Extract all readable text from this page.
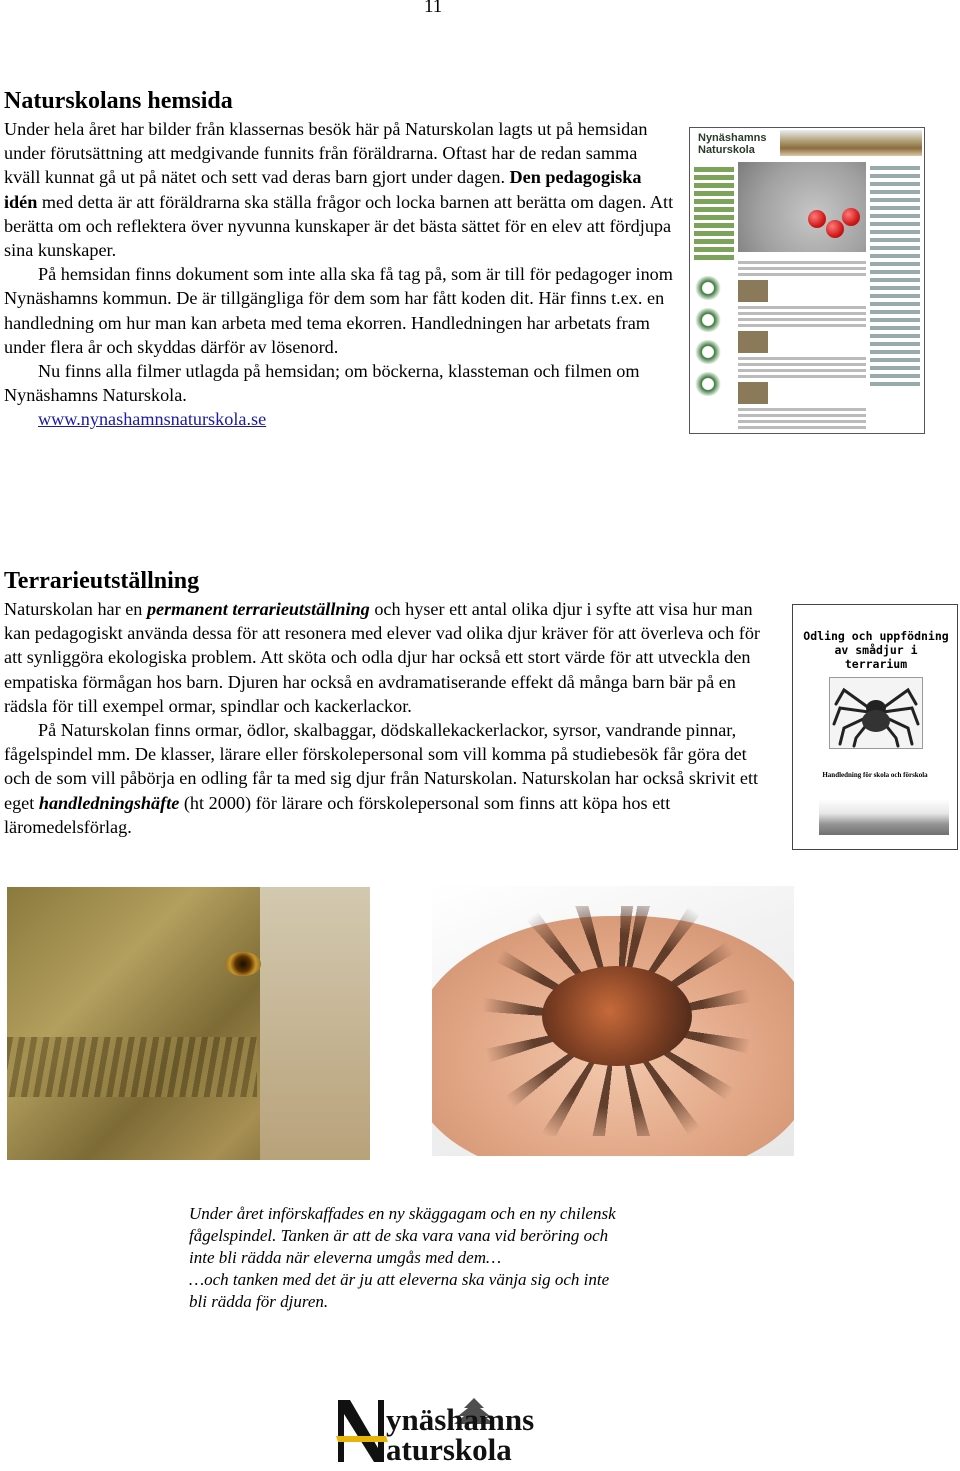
11
Naturskolans hemsida

Under hela året har bilder från klassernas besök här på Naturskolan lagts ut på hemsidan under förutsättning att medgivande funnits från föräldrarna. Oftast har de redan samma kväll kunnat gå ut på nätet och sett vad deras barn gjort under dagen. Den pedagogiska idén med detta är att föräldrarna ska ställa frågor och locka barnen att berätta om dagen. Att berätta om och reflektera över nyvunna kunskaper är det bästa sättet för en elev att fördjupa sina kunskaper.

På hemsidan finns dokument som inte alla ska få tag på, som är till för pedagoger inom Nynäshamns kommun. De är tillgängliga för dem som har fått koden dit. Här finns t.ex. en handledning om hur man kan arbeta med tema ekorren. Handledningen har arbetats fram under flera år och skyddas därför av lösenord.

Nu finns alla filmer utlagda på hemsidan; om böckerna, klassteman och filmen om Nynäshamns Naturskola.

www.nynashamnsnaturskola.se

Nynäshamns
Naturskola
Terrarieutställning

Naturskolan har en permanent terrarieutställning och hyser ett antal olika djur i syfte att visa hur man kan pedagogiskt använda dessa för att resonera med elever vad olika djur kräver för att överleva och för att synliggöra ekologiska problem. Att sköta och odla djur har också ett stort värde för att utveckla den empatiska förmågan hos barn. Djuren har också en avdramatiserande effekt då många barn bär på en rädsla för till exempel ormar, spindlar och kackerlackor.

På Naturskolan finns ormar, ödlor, skalbaggar, dödskallekackerlackor, syrsor, vandrande pinnar, fågelspindel mm. De klasser, lärare eller förskolepersonal som vill komma på studiebesök får göra det och de som vill påbörja en odling får ta med sig djur från Naturskolan. Naturskolan har också skrivit ett eget handledningshäfte (ht 2000) för lärare och förskolepersonal som finns att köpa hos ett läromedelsförlag.

Odling och uppfödning av smådjur i terrarium
Handledning för skola och förskola
Under året införskaffades en ny skäggagam och en ny chilensk fågelspindel. Tanken är att de ska vara vana vid beröring och inte bli rädda när eleverna umgås med dem…
…och tanken med det är ju att eleverna ska vänja sig och inte bli rädda för djuren.
ynäshamns
aturskola
